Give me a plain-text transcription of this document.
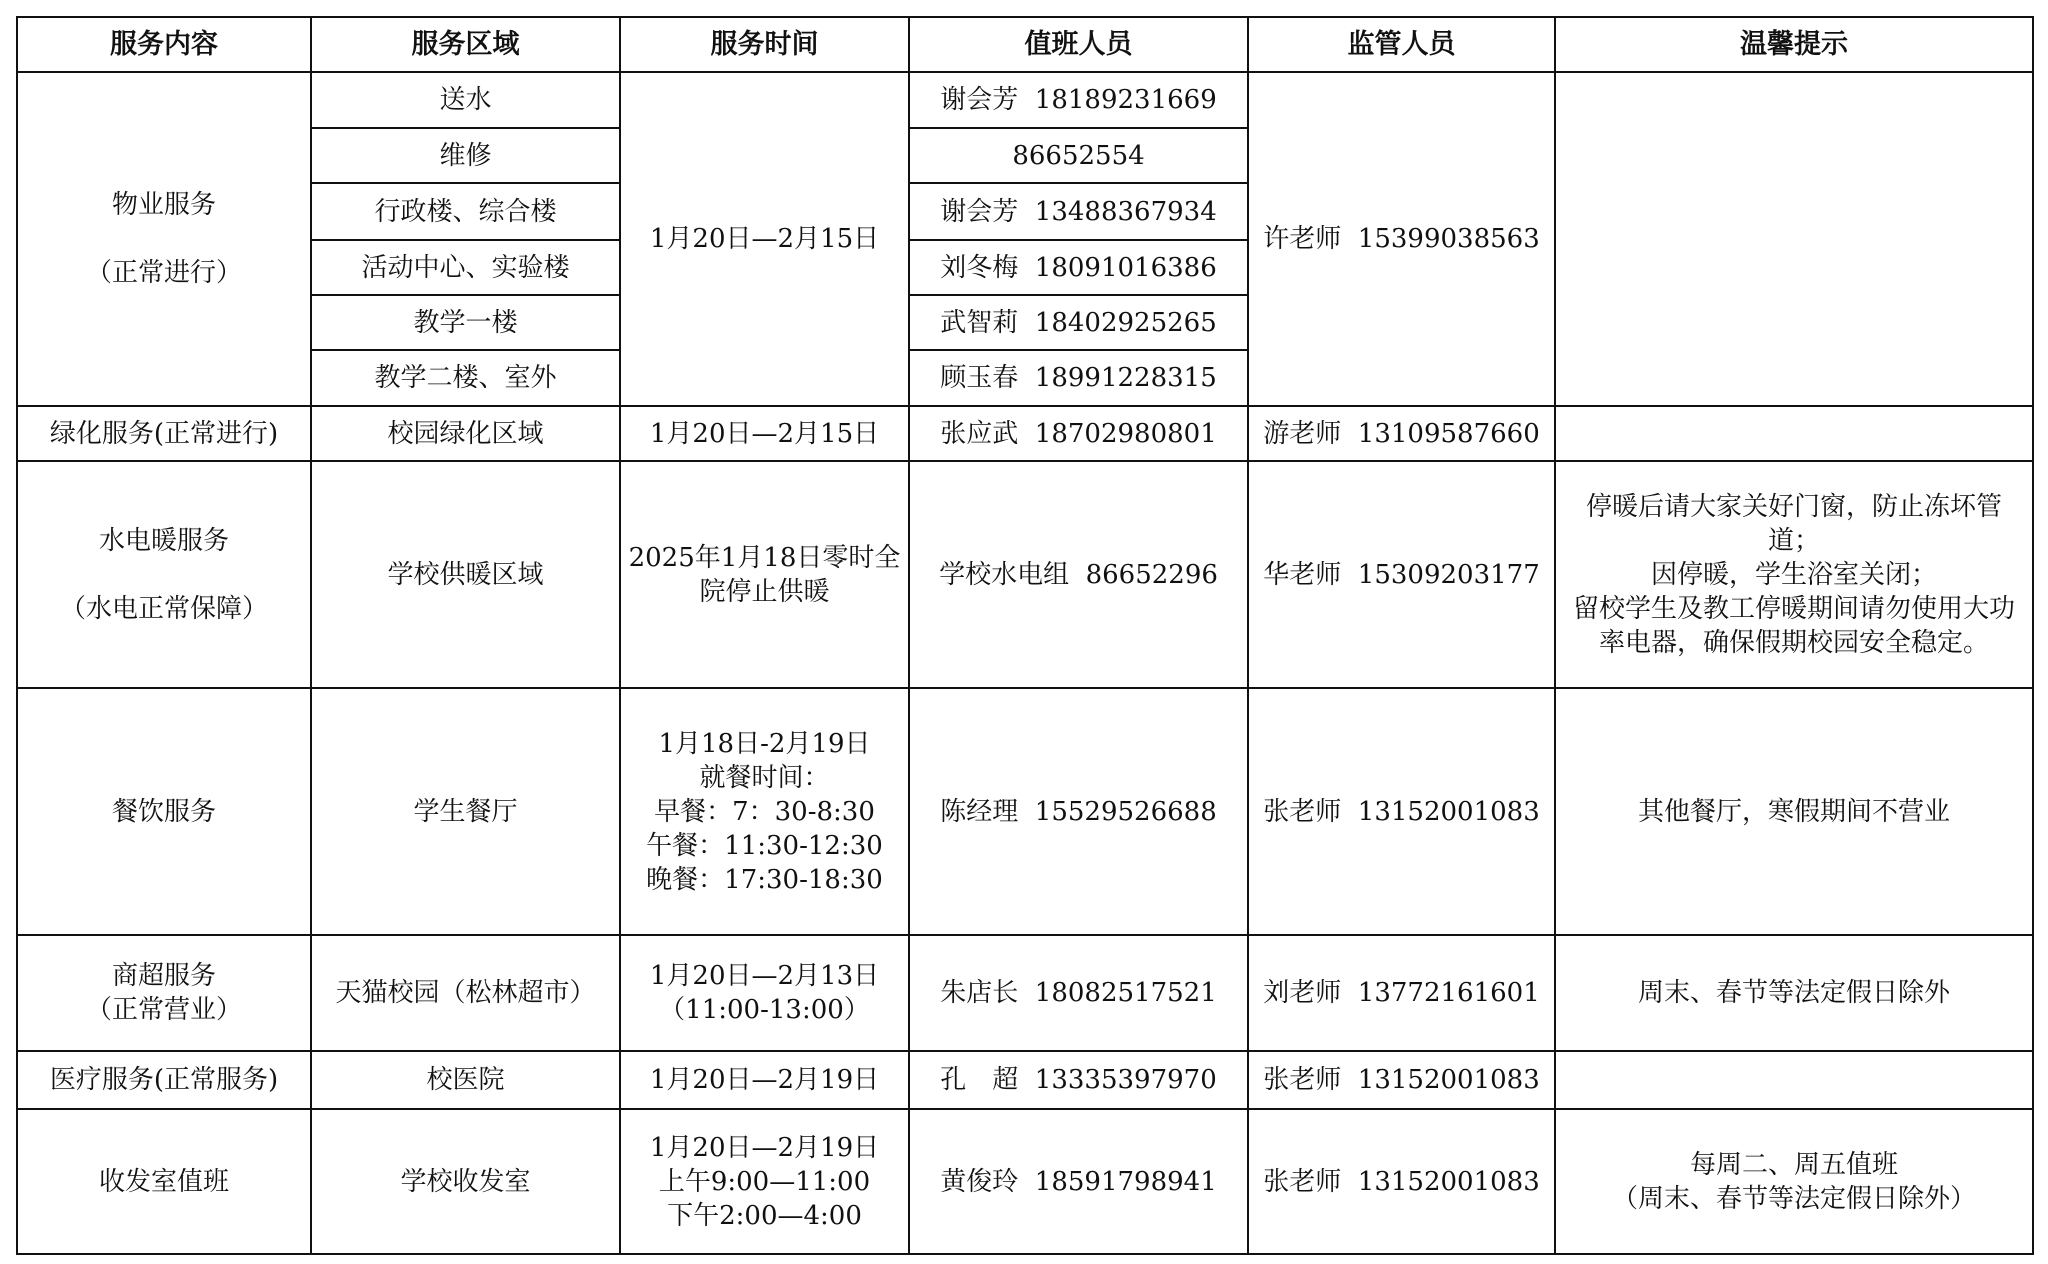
服务内容	服务区域	服务时间	值班人员	监管人员	温馨提示

物业服务
（正常进行）	送水	1月20日—2月15日	谢会芳  18189231669	许老师  15399038563	
	维修		86652554		
	行政楼、综合楼		谢会芳  13488367934		
	活动中心、实验楼		刘冬梅  18091016386		
	教学一楼		武智莉  18402925265		
	教学二楼、室外		顾玉春  18991228315		
绿化服务(正常进行)	校园绿化区域	1月20日—2月15日	张应武  18702980801	游老师  13109587660	

水电暖服务
（水电正常保障）	学校供暖区域	2025年1月18日零时全院停止供暖	学校水电组  86652296	华老师  15309203177	停暖后请大家关好门窗，防止冻坏管道；
因停暖，学生浴室关闭；
留校学生及教工停暖期间请勿使用大功率电器，确保假期校园安全稳定。

餐饮服务	学生餐厅	1月18日-2月19日
就餐时间：
早餐：7：30-8:30
午餐：11:30-12:30
晚餐：17:30-18:30	陈经理  15529526688	张老师  13152001083	其他餐厅，寒假期间不营业

商超服务
（正常营业）	天猫校园（松林超市）	1月20日—2月13日
（11:00-13:00）	朱店长  18082517521	刘老师  13772161601	周末、春节等法定假日除外
医疗服务(正常服务)	校医院	1月20日—2月19日	孔　超  13335397970	张老师  13152001083	
收发室值班	学校收发室	1月20日—2月19日
上午9:00—11:00
下午2:00—4:00	黄俊玲  18591798941	张老师  13152001083	每周二、周五值班
（周末、春节等法定假日除外）
